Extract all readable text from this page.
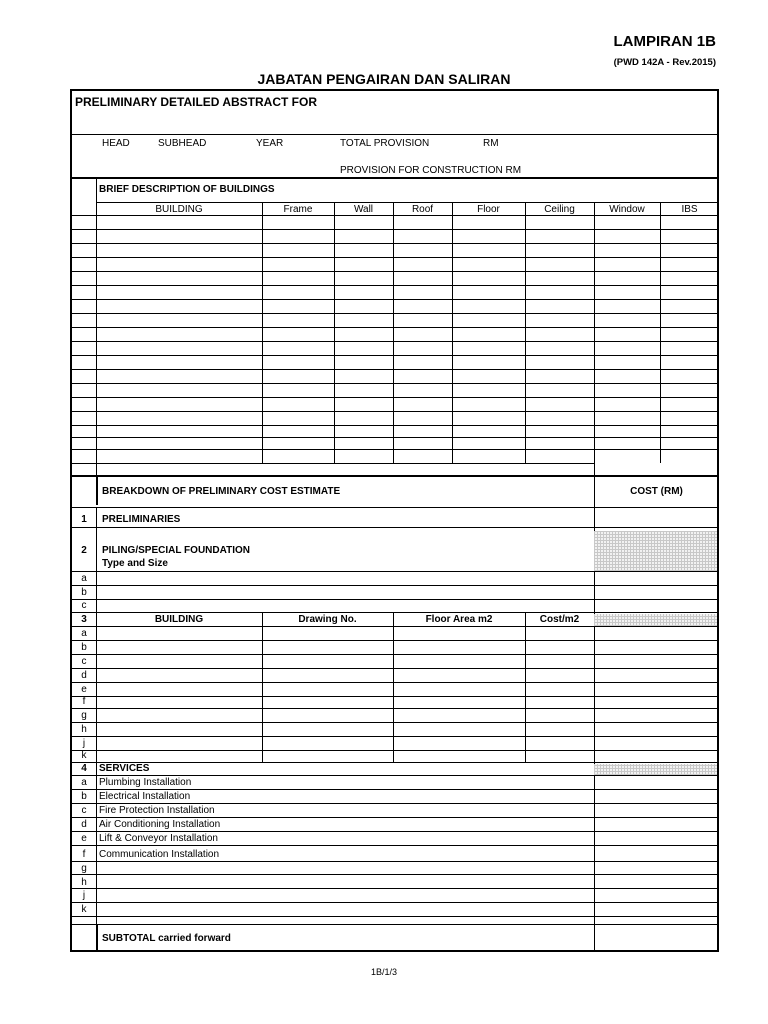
LAMPIRAN 1B
(PWD 142A - Rev.2015)
JABATAN PENGAIRAN DAN SALIRAN
PRELIMINARY DETAILED ABSTRACT FOR
HEAD	SUBHEAD	YEAR	TOTAL PROVISION	RM
PROVISION FOR CONSTRUCTION RM
BRIEF DESCRIPTION OF BUILDINGS
BUILDING	Frame	Wall	Roof	Floor	Ceiling	Window	IBS
BREAKDOWN OF PRELIMINARY COST ESTIMATE	COST (RM)
1	PRELIMINARIES
2	PILING/SPECIAL FOUNDATION
Type and Size
a
b
c
3	BUILDING	Drawing No.	Floor Area m2	Cost/m2
a
b
c
d
e
f
g
h
j
k
4	SERVICES
a	Plumbing Installation
b	Electrical Installation
c	Fire Protection Installation
d	Air Conditioning Installation
e	Lift & Conveyor Installation
f	Communication Installation
g
h
j
k
SUBTOTAL carried forward
1B/1/3
